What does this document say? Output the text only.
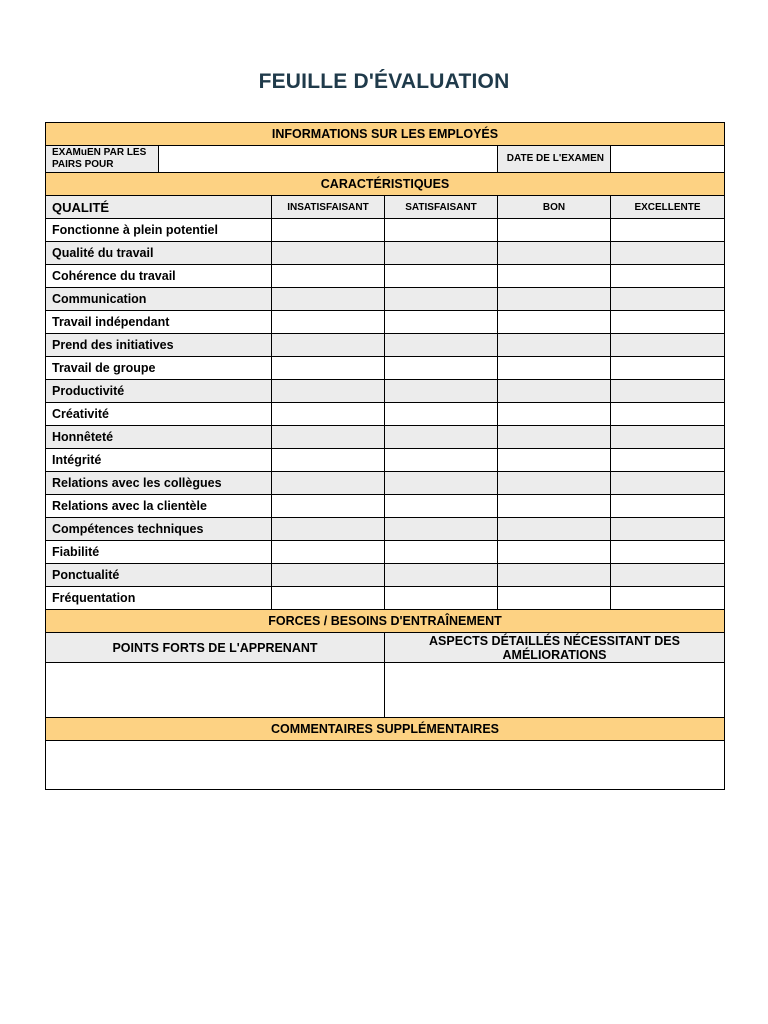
FEUILLE D'ÉVALUATION
INFORMATIONS SUR LES EMPLOYÉS					
EXAMuEN PAR LES PAIRS POUR				DATE DE L'EXAMEN	
CARACTÉRISTIQUES					
QUALITÉ		INSATISFAISANT	SATISFAISANT	BON	EXCELLENTE
Fonctionne à plein potentiel					
Qualité du travail					
Cohérence du travail					
Communication					
Travail indépendant					
Prend des initiatives					
Travail de groupe					
Productivité					
Créativité					
Honnêteté					
Intégrité					
Relations avec les collègues					
Relations avec la clientèle					
Compétences techniques					
Fiabilité					
Ponctualité					
Fréquentation					
FORCES / BESOINS D'ENTRAÎNEMENT					
POINTS FORTS DE L'APPRENANT			ASPECTS DÉTAILLÉS NÉCESSITANT DES AMÉLIORATIONS		

COMMENTAIRES SUPPLÉMENTAIRES					
